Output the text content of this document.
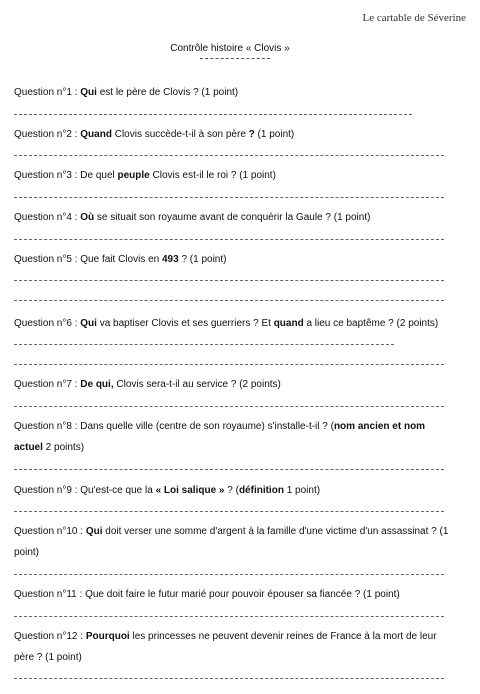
Le cartable de Séverine
Contrôle histoire « Clovis »
Question n°1 : Qui est le père de Clovis ? (1 point)
Question n°2 : Quand Clovis succède-t-il à son père ? (1 point)
Question n°3 : De quel peuple Clovis est-il le roi ? (1 point)
Question n°4 : Où se situait son royaume avant de conquérir la Gaule ? (1 point)
Question n°5 : Que fait Clovis en 493 ? (1 point)
Question n°6 : Qui va baptiser Clovis et ses guerriers ? Et quand a lieu ce baptême ? (2 points)
Question n°7 : De qui, Clovis sera-t-il au service ? (2 points)
Question n°8 : Dans quelle ville (centre de son royaume) s'installe-t-il ? (nom ancien et nom actuel 2 points)
Question n°9 : Qu'est-ce que la « Loi salique » ? (définition 1 point)
Question n°10 : Qui doit verser une somme d'argent à la famille d'une victime d'un assassinat ? (1 point)
Question n°11 : Que doit faire le futur marié pour pouvoir épouser sa fiancée ? (1 point)
Question n°12 : Pourquoi les princesses ne peuvent devenir reines de France à la mort de leur père ? (1 point)
